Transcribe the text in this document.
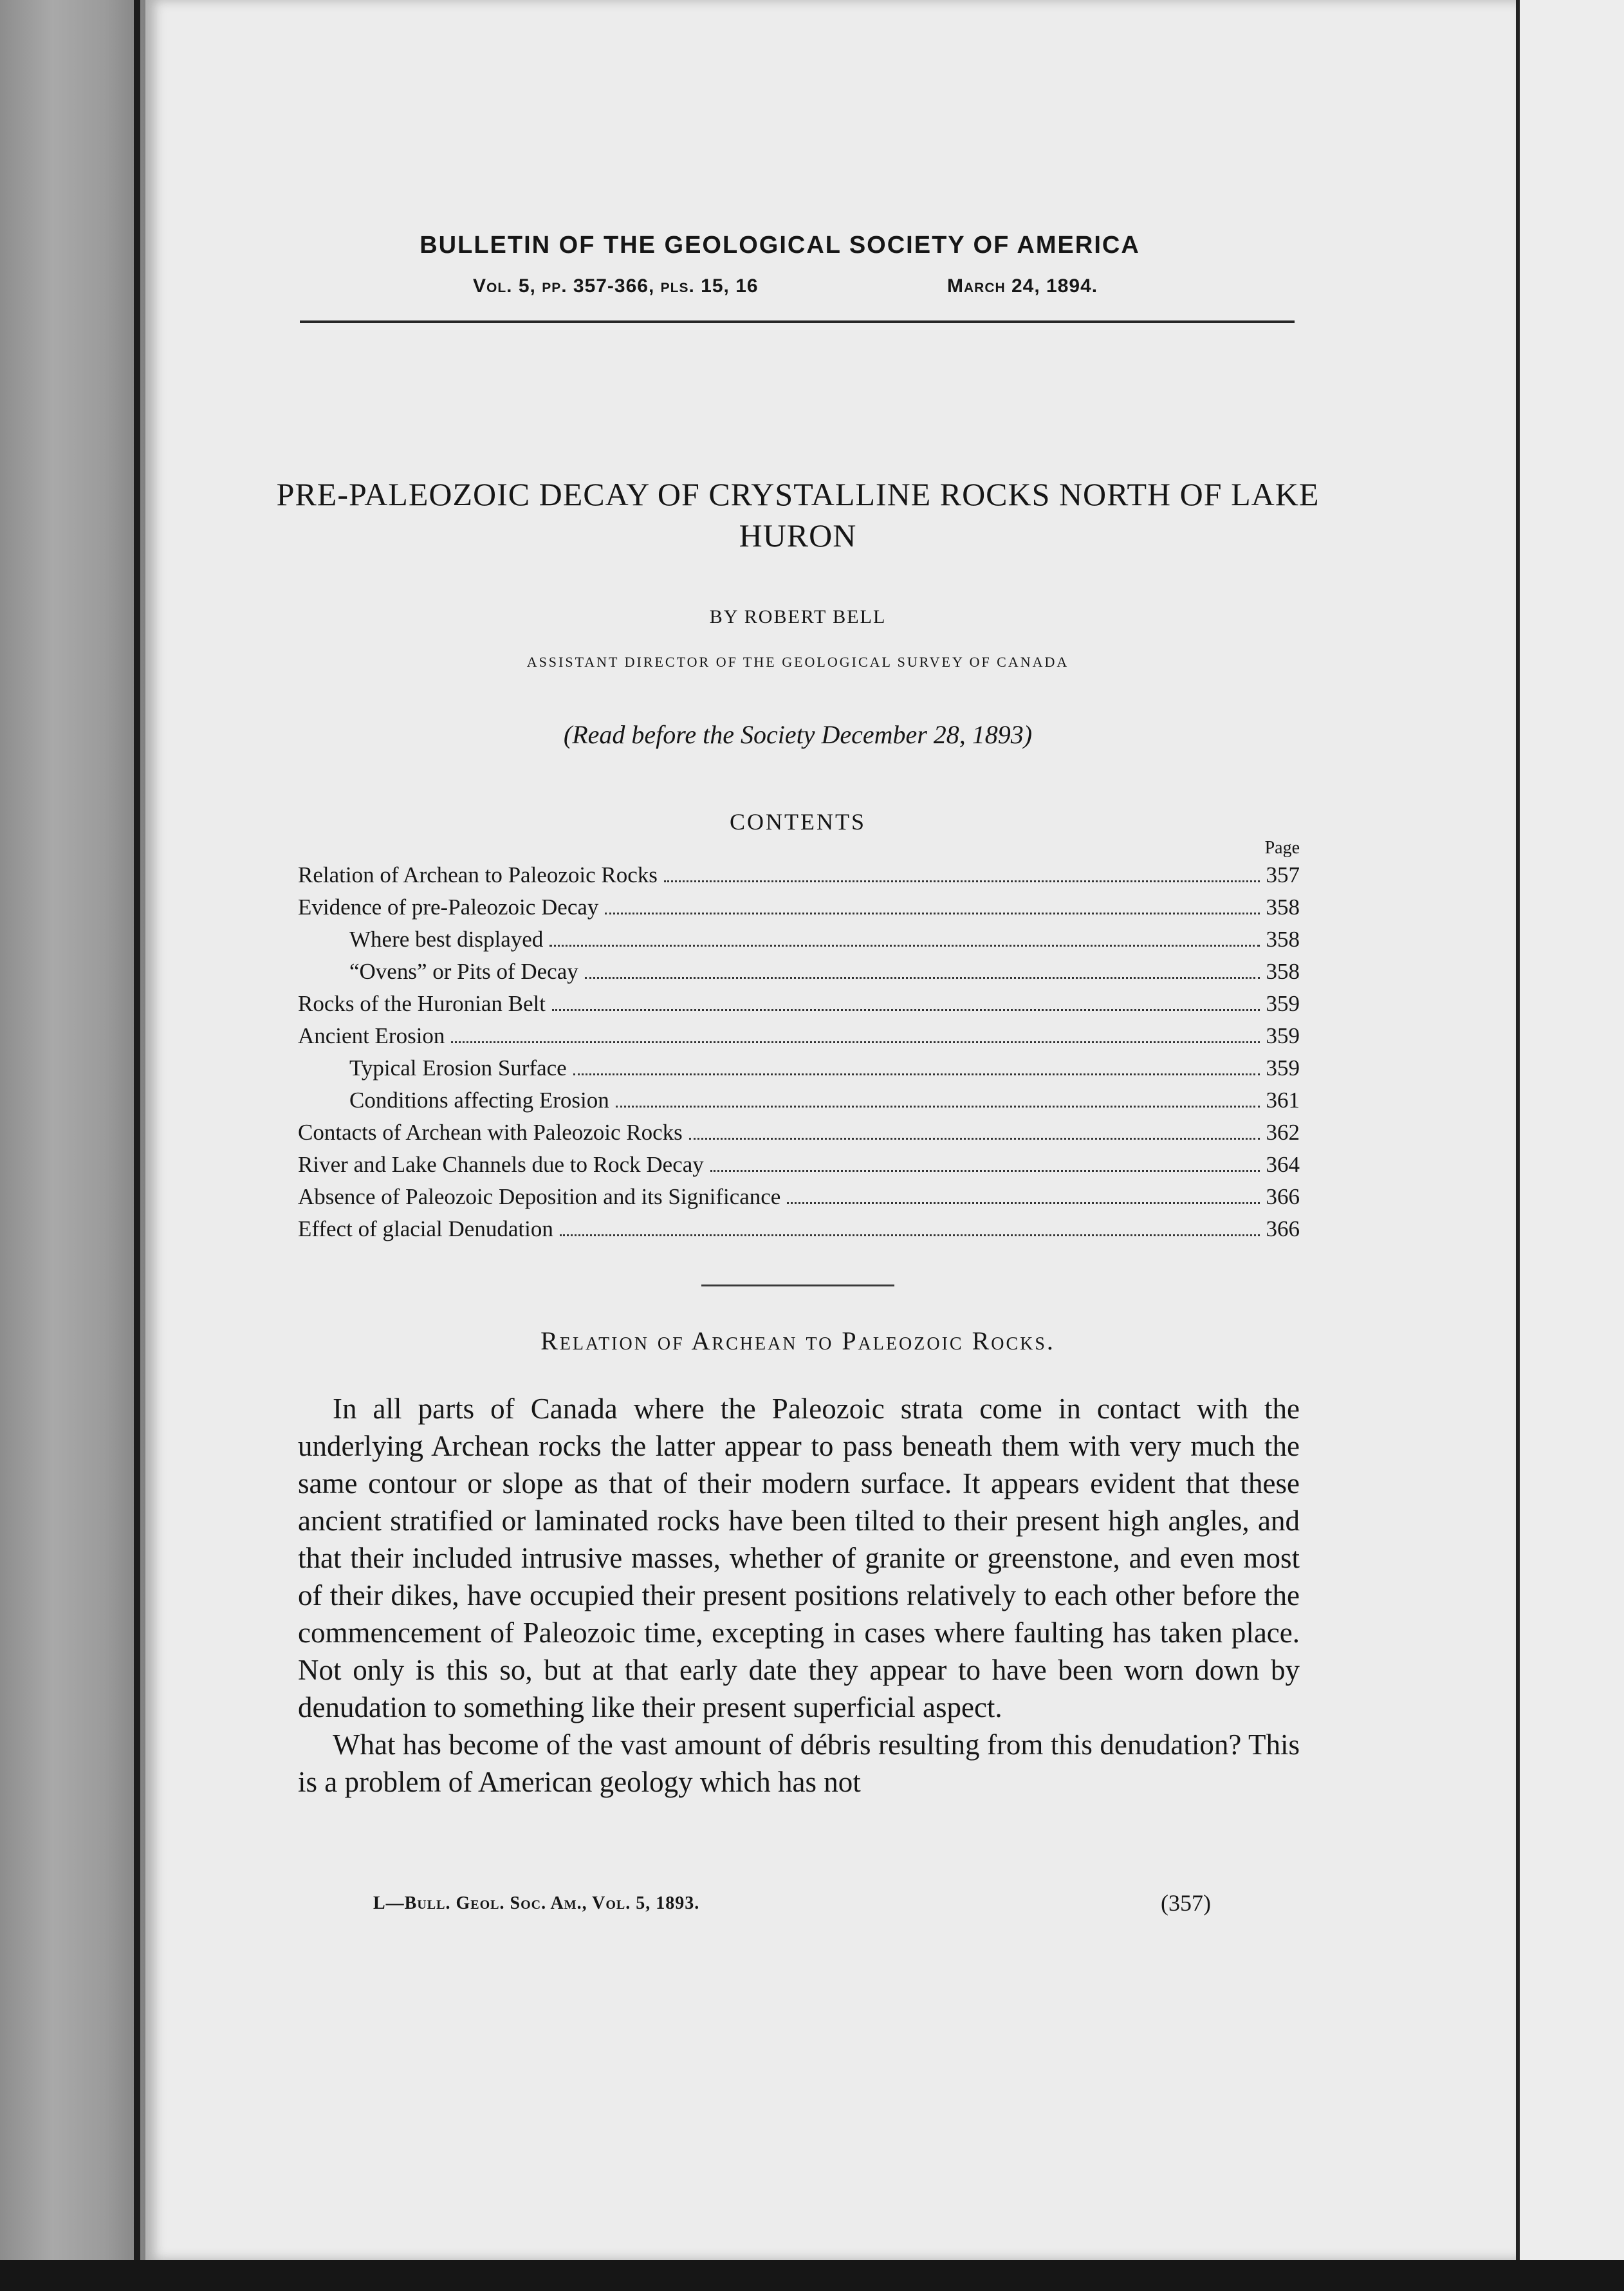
BULLETIN OF THE GEOLOGICAL SOCIETY OF AMERICA
Vol. 5, pp. 357-366, pls. 15, 16	March 24, 1894.
PRE-PALEOZOIC DECAY OF CRYSTALLINE ROCKS NORTH OF LAKE HURON
BY ROBERT BELL
ASSISTANT DIRECTOR OF THE GEOLOGICAL SURVEY OF CANADA
(Read before the Society December 28, 1893)
CONTENTS
Page
Relation of Archean to Paleozoic Rocks	357
Evidence of pre-Paleozoic Decay	358
Where best displayed	358
“Ovens” or Pits of Decay	358
Rocks of the Huronian Belt	359
Ancient Erosion	359
Typical Erosion Surface	359
Conditions affecting Erosion	361
Contacts of Archean with Paleozoic Rocks	362
River and Lake Channels due to Rock Decay	364
Absence of Paleozoic Deposition and its Significance	366
Effect of glacial Denudation	366
Relation of Archean to Paleozoic Rocks.

In all parts of Canada where the Paleozoic strata come in contact with the underlying Archean rocks the latter appear to pass beneath them with very much the same contour or slope as that of their modern surface. It appears evident that these ancient stratified or laminated rocks have been tilted to their present high angles, and that their included intrusive masses, whether of granite or greenstone, and even most of their dikes, have occupied their present positions relatively to each other before the commencement of Paleozoic time, excepting in cases where faulting has taken place. Not only is this so, but at that early date they appear to have been worn down by denudation to something like their present superficial aspect.

What has become of the vast amount of débris resulting from this denudation? This is a problem of American geology which has not

L—Bull. Geol. Soc. Am., Vol. 5, 1893.	(357)
